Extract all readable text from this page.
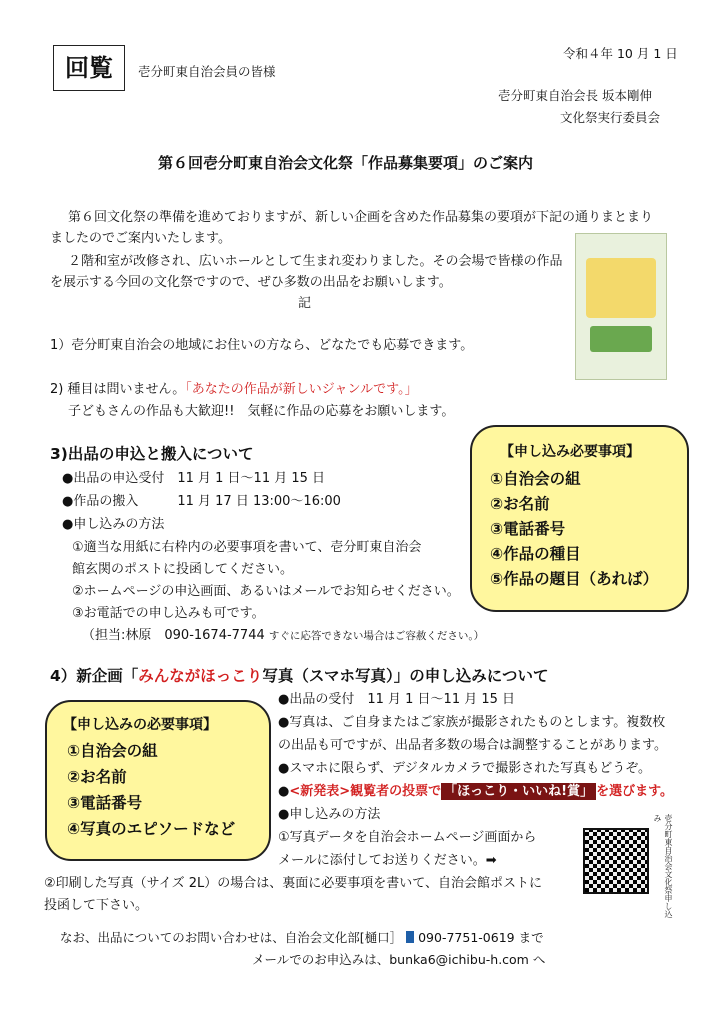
回覧	壱分町東自治会員の皆様
令和４年 10 月 1 日
壱分町東自治会長 坂本剛伸
文化祭実行委員会
第６回壱分町東自治会文化祭「作品募集要項」のご案内
第６回文化祭の準備を進めておりますが、新しい企画を含めた作品募集の要項が下記の通りまとまり
ましたのでご案内いたします。
２階和室が改修され、広いホールとして生まれ変わりました。その会場で皆様の作品
を展示する今回の文化祭ですので、ぜひ多数の出品をお願いします。
記
1）壱分町東自治会の地域にお住いの方なら、どなたでも応募できます。
2) 種目は問いません。「あなたの作品が新しいジャンルです。」
子どもさんの作品も大歓迎!!　気軽に作品の応募をお願いします。
3)出品の申込と搬入について
●出品の申込受付　11 月 1 日～11 月 15 日
●作品の搬入　　　11 月 17 日 13:00～16:00
●申し込みの方法
①適当な用紙に右枠内の必要事項を書いて、壱分町東自治会
館玄関のポストに投函してください。
②ホームページの申込画面、あるいはメールでお知らせください。
③お電話での申し込みも可です。
（担当:林原　090-1674-7744 すぐに応答できない場合はご容赦ください。）
【申し込み必要事項】
①自治会の組
②お名前
③電話番号
④作品の種目
⑤作品の題目（あれば）
4）新企画「みんながほっこり写真（スマホ写真）」の申し込みについて
●出品の受付　11 月 1 日～11 月 15 日
●写真は、ご自身またはご家族が撮影されたものとします。複数枚
の出品も可ですが、出品者多数の場合は調整することがあります。
●スマホに限らず、デジタルカメラで撮影された写真もどうぞ。
●<新発表>観覧者の投票で 「ほっこり・いいね!賞」 を選びます。
●申し込みの方法
①写真データを自治会ホームページ画面から
メールに添付してお送りください。➡
②印刷した写真（サイズ 2L）の場合は、裏面に必要事項を書いて、自治会館ポストに
投函して下さい。
【申し込みの必要事項】
①自治会の組
②お名前
③電話番号
④写真のエピソードなど	壱分町東自治会文化祭申し込み
なお、出品についてのお問い合わせは、自治会文化部[樋口］ 090-7751-0619 まで
メールでのお申込みは、bunka6@ichibu-h.com へ
